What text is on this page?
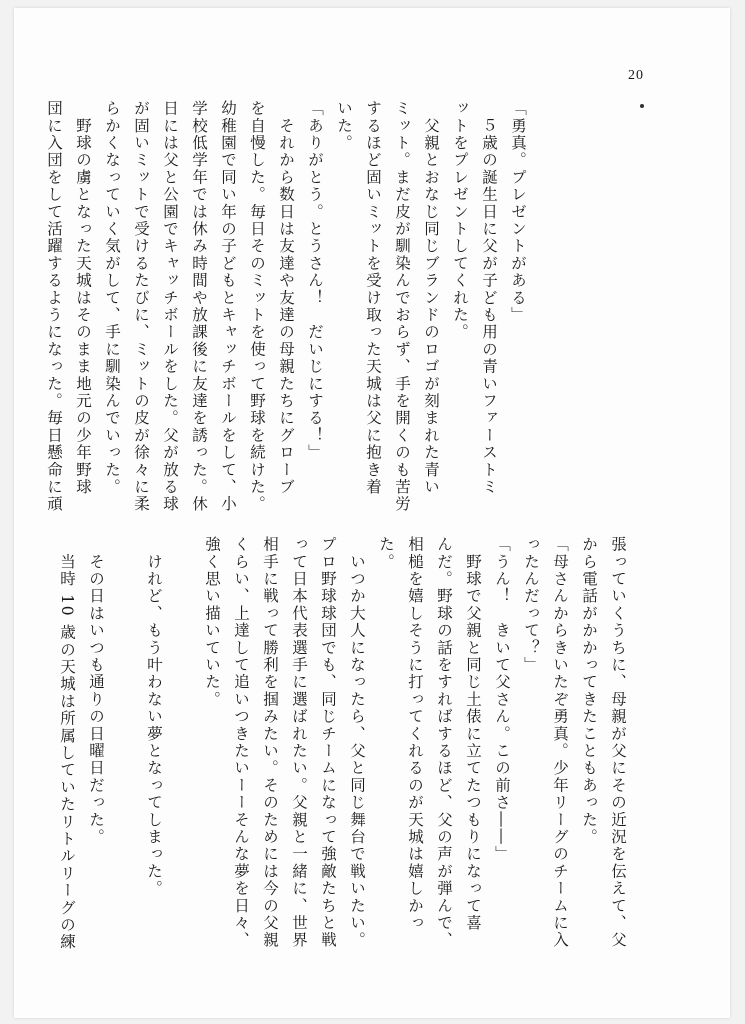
20
「勇真。プレゼントがある」
　５歳の誕生日に父が子ども用の青いファーストミ
ットをプレゼントしてくれた。
　父親とおなじ同じブランドのロゴが刻まれた青い
ミット。まだ皮が馴染んでおらず、手を開くのも苦労
するほど固いミットを受け取った天城は父に抱き着
いた。
「ありがとう。とうさん！　だいじにする！」
　それから数日は友達や友達の母親たちにグローブ
を自慢した。毎日そのミットを使って野球を続けた。
幼稚園で同い年の子どもとキャッチボールをして、小
学校低学年では休み時間や放課後に友達を誘った。休
日には父と公園でキャッチボールをした。父が放る球
が固いミットで受けるたびに、ミットの皮が徐々に柔
らかくなっていく気がして、手に馴染んでいった。
　野球の虜となった天城はそのまま地元の少年野球
団に入団をして活躍するようになった。毎日懸命に頑
張っていくうちに、母親が父にその近況を伝えて、父
から電話がかかってきたこともあった。
「母さんからきいたぞ勇真。少年リーグのチームに入
ったんだって？」
「うん！　きいて父さん。この前さ――」
　野球で父親と同じ土俵に立てたつもりになって喜
んだ。野球の話をすればするほど、父の声が弾んで、
相槌を嬉しそうに打ってくれるのが天城は嬉しかっ
た。
　いつか大人になったら、父と同じ舞台で戦いたい。
プロ野球球団でも、同じチームになって強敵たちと戦
って日本代表選手に選ばれたい。父親と一緒に、世界
相手に戦って勝利を掴みたい。そのためには今の父親
くらい、上達して追いつきたいーーそんな夢を日々、
強く思い描いていた。
　けれど、もう叶わない夢となってしまった。
　その日はいつも通りの日曜日だった。
　当時 10 歳の天城は所属していたリトルリーグの練
